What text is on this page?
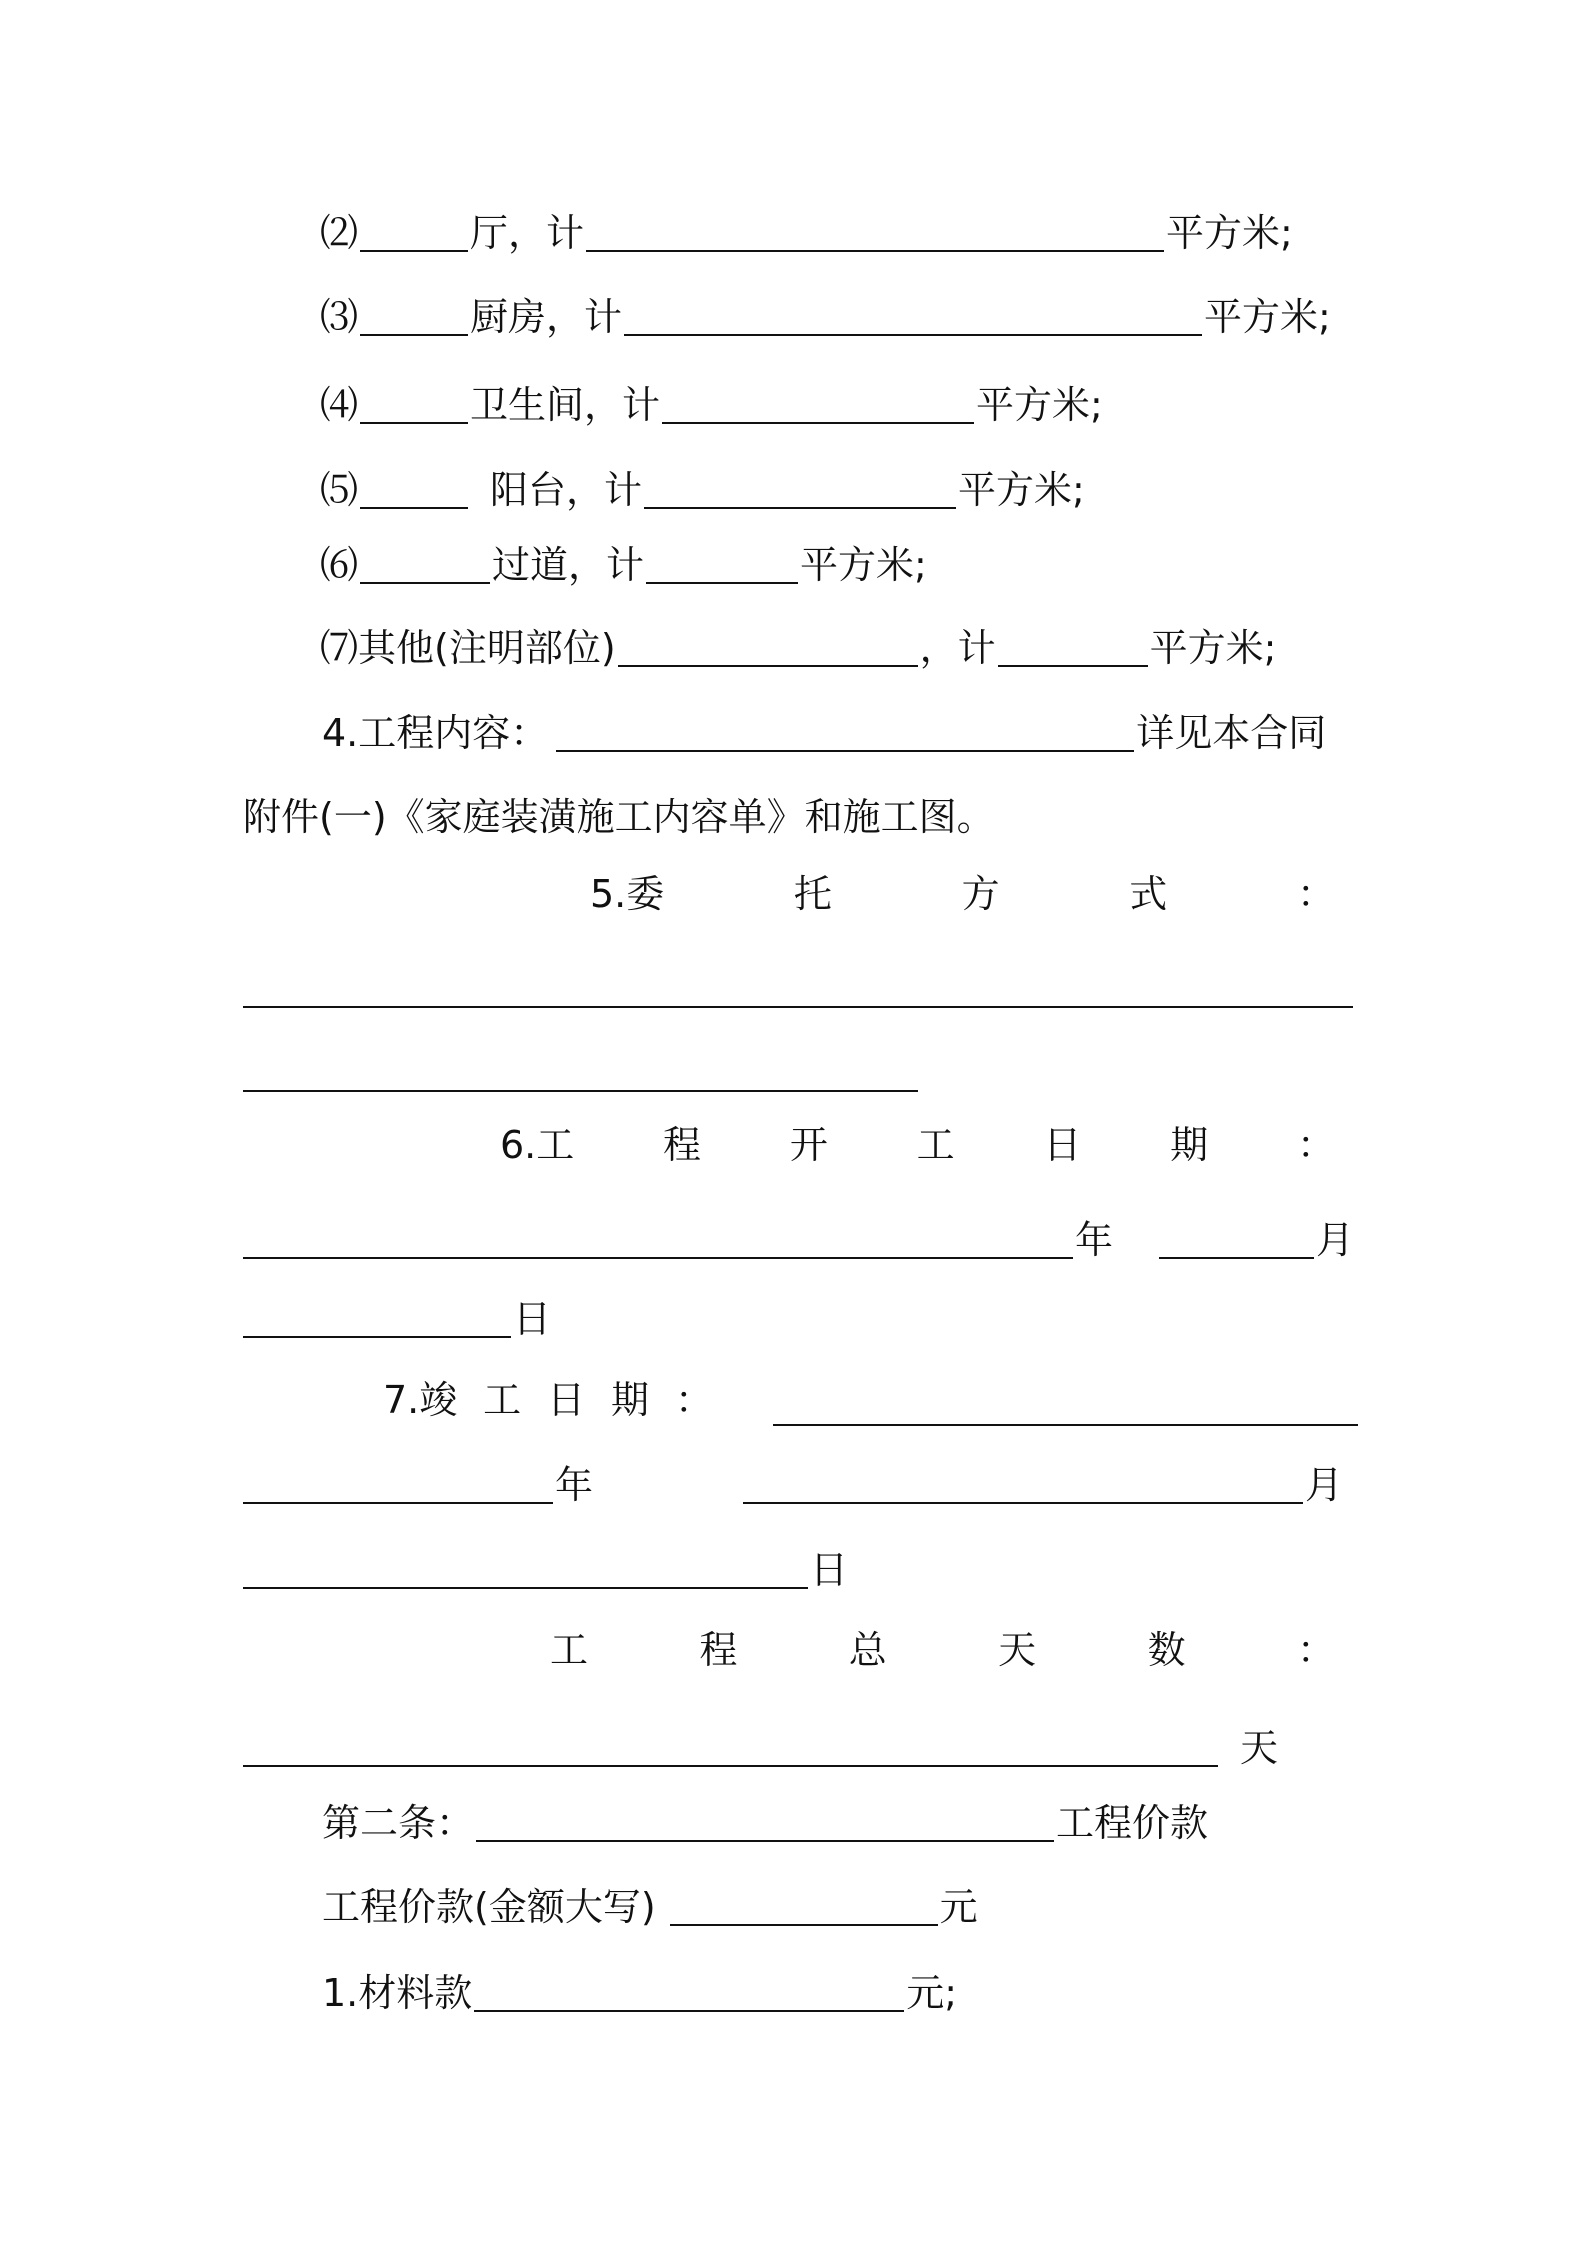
⑵	厅，计	平方米;
⑶	厨房，计	平方米;
⑷	卫生间，计	平方米;
⑸	阳台，计	平方米;
⑹	过道，计	平方米;
⑺其他(注明部位)	，计	平方米;
4.工程内容：	详见本合同
附件(一)《家庭装潢施工内容单》和施工图。
5.委	托	方	式	：
6.工 程 开 工 日 期 ：
年	月
日
7.竣 工 日 期 ：
年	月
日
工	程	总	天	数	：
天
第二条：	工程价款
工程价款(金额大写)	元
1.材料款	元;
